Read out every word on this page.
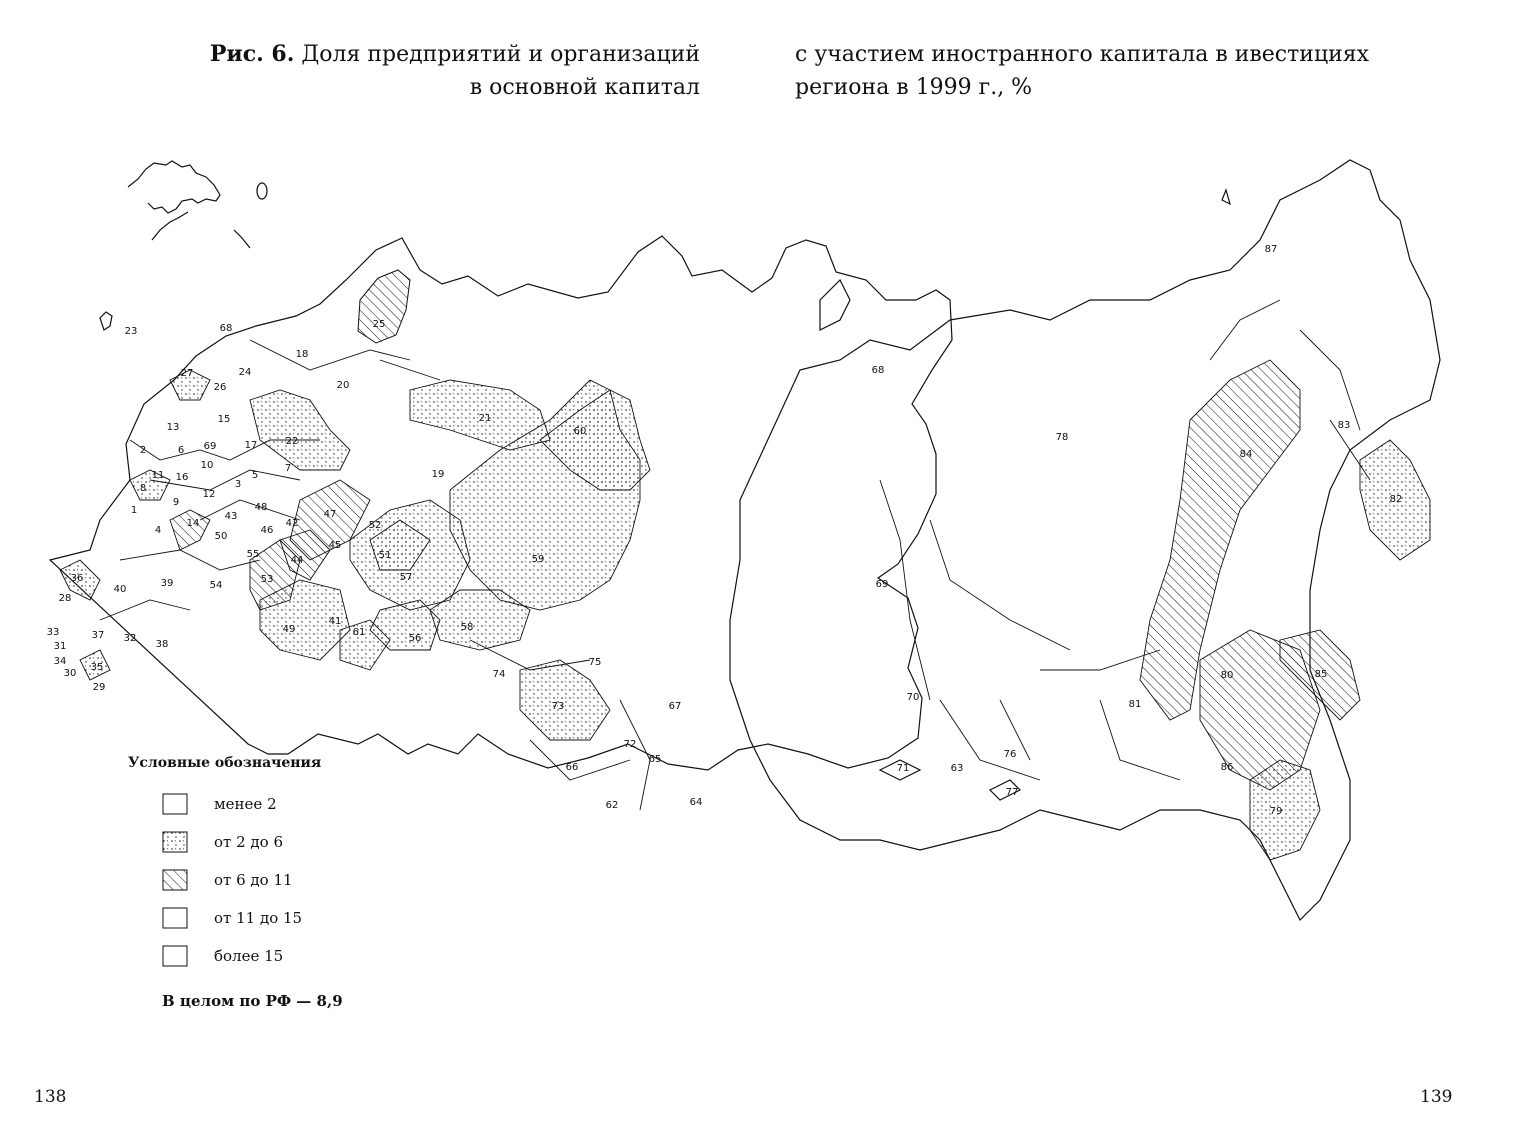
Рис. 6. Доля предприятий и организаций
в основной капитал
с участием иностранного капитала в ивестициях
региона в 1999 г., %
1
2
3
4
5
6
7
8
9
10
11
12
13
14
15
16
17
18
19
20
21
22
23
24
25
26
27
28
29
30
31
32
33
34
35
36
37
38
39
40
41
42
43
44
45
46
47
48
49
50
51
52
53
54
55
56
57
58
59
60
61
62	64
65
66
67
68
69
72
73
74
75
63
68
69
70
71
76
77
78
79
80
81
82
83
84
85
86
87
Условные обозначения
менее 2
от 2 до 6
от 6 до 11
от 11 до 15
более 15
В целом по РФ — 8,9
138	139
